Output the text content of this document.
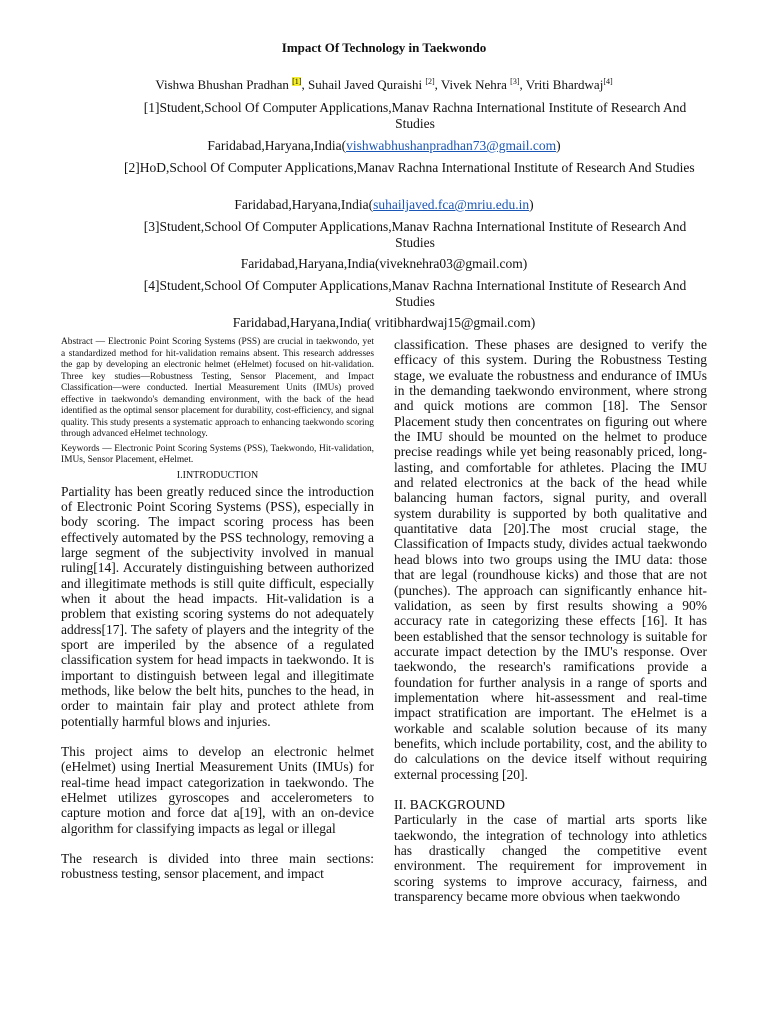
Impact Of Technology in Taekwondo
Vishwa Bhushan Pradhan [1], Suhail Javed Quraishi [2], Vivek Nehra [3], Vriti Bhardwaj[4]
[1]Student,School Of Computer Applications,Manav Rachna International Institute of Research And Studies
Faridabad,Haryana,India(vishwabhushanpradhan73@gmail.com)
[2]HoD,School Of Computer Applications,Manav Rachna International Institute of Research And Studies
Faridabad,Haryana,India(suhailjaved.fca@mriu.edu.in)
[3]Student,School Of Computer Applications,Manav Rachna International Institute of Research And Studies
Faridabad,Haryana,India(viveknehra03@gmail.com)
[4]Student,School Of Computer Applications,Manav Rachna International Institute of Research And Studies
Faridabad,Haryana,India( vritibhardwaj15@gmail.com)

Abstract — Electronic Point Scoring Systems (PSS) are crucial in taekwondo, yet a standardized method for hit-validation remains absent. This research addresses the gap by developing an electronic helmet (eHelmet) focused on hit-validation. Three key studies—Robustness Testing, Sensor Placement, and Impact Classification—were conducted. Inertial Measurement Units (IMUs) proved effective in taekwondo's demanding environment, with the back of the head identified as the optimal sensor placement for durability, cost-efficiency, and signal quality. This study presents a systematic approach to enhancing taekwondo scoring through advanced eHelmet technology.

Keywords — Electronic Point Scoring Systems (PSS), Taekwondo, Hit-validation, IMUs, Sensor Placement, eHelmet.

I.INTRODUCTION

Partiality has been greatly reduced since the introduction of Electronic Point Scoring Systems (PSS), especially in body scoring. The impact scoring process has been effectively automated by the PSS technology, removing a large segment of the subjectivity involved in manual ruling[14]. Accurately distinguishing between authorized and illegitimate methods is still quite difficult, especially when it about the head impacts. Hit-validation is a problem that existing scoring systems do not adequately address[17]. The safety of players and the integrity of the sport are imperiled by the absence of a regulated classification system for head impacts in taekwondo. It is important to distinguish between legal and illegitimate methods, like below the belt hits, punches to the head, in order to maintain fair play and protect athlete from potentially harmful blows and injuries.

This project aims to develop an electronic helmet (eHelmet) using Inertial Measurement Units (IMUs) for real-time head impact categorization in taekwondo. The eHelmet utilizes gyroscopes and accelerometers to capture motion and force dat a[19], with an on-device algorithm for classifying impacts as legal or illegal

The research is divided into three main sections: robustness testing, sensor placement, and impact

classification. These phases are designed to verify the efficacy of this system. During the Robustness Testing stage, we evaluate the robustness and endurance of IMUs in the demanding taekwondo environment, where strong and quick motions are common [18]. The Sensor Placement study then concentrates on figuring out where the IMU should be mounted on the helmet to produce precise readings while yet being reasonably priced, long-lasting, and comfortable for athletes. Placing the IMU and related electronics at the back of the head while balancing human factors, signal purity, and overall system durability is supported by both qualitative and quantitative data [20].The most crucial stage, the Classification of Impacts study, divides actual taekwondo head blows into two groups using the IMU data: those that are legal (roundhouse kicks) and those that are not (punches). The approach can significantly enhance hit-validation, as seen by first results showing a 90% accuracy rate in categorizing these effects [16]. It has been established that the sensor technology is suitable for accurate impact detection by the IMU's response. Over taekwondo, the research's ramifications provide a foundation for further analysis in a range of sports and implementation where hit-assessment and real-time impact stratification are important. The eHelmet is a workable and scalable solution because of its many benefits, which include portability, cost, and the ability to do calculations on the device itself without requiring external processing [20].

II. BACKGROUND

Particularly in the case of martial arts sports like taekwondo, the integration of technology into athletics has drastically changed the competitive event environment. The requirement for improvement in scoring systems to improve accuracy, fairness, and transparency became more obvious when taekwondo
